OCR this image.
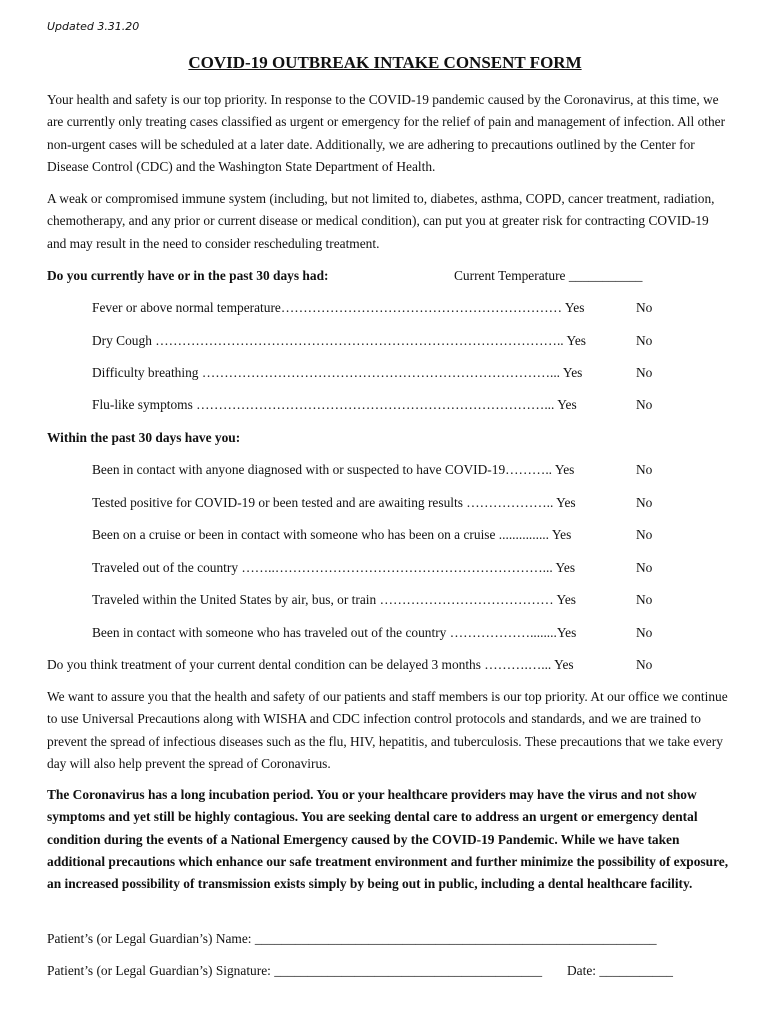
Updated 3.31.20
COVID-19 OUTBREAK INTAKE CONSENT FORM

Your health and safety is our top priority. In response to the COVID-19 pandemic caused by the Coronavirus, at this time, we are currently only treating cases classified as urgent or emergency for the relief of pain and management of infection. All other non-urgent cases will be scheduled at a later date. Additionally, we are adhering to precautions outlined by the Center for Disease Control (CDC) and the Washington State Department of Health.

A weak or compromised immune system (including, but not limited to, diabetes, asthma, COPD, cancer treatment, radiation, chemotherapy, and any prior or current disease or medical condition), can put you at greater risk for contracting COVID-19 and may result in the need to consider rescheduling treatment.

Do you currently have or in the past 30 days had:	Current Temperature ___________
Fever or above normal temperature……………………………………………………… Yes	No
Dry Cough ……………………………………………………………………………….. Yes	No
Difficulty breathing ……………………………………………………………………... Yes	No
Flu-like symptoms ……………………………………………………………………... Yes	No
Within the past 30 days have you:
Been in contact with anyone diagnosed with or suspected to have COVID-19……….. Yes	No
Tested positive for COVID-19 or been tested and are awaiting results ……………….. Yes	No
Been on a cruise or been in contact with someone who has been on a cruise ............... Yes	No
Traveled out of the country ……..……………………………………………………... Yes	No
Traveled within the United States by air, bus, or train ………………………………… Yes	No
Been in contact with someone who has traveled out of the country ………………........Yes	No
Do you think treatment of your current dental condition can be delayed 3 months ……….…... Yes	No

We want to assure you that the health and safety of our patients and staff members is our top priority. At our office we continue to use Universal Precautions along with WISHA and CDC infection control protocols and standards, and we are trained to prevent the spread of infectious diseases such as the flu, HIV, hepatitis, and tuberculosis. These precautions that we take every day will also help prevent the spread of Coronavirus.

The Coronavirus has a long incubation period. You or your healthcare providers may have the virus and not show symptoms and yet still be highly contagious. You are seeking dental care to address an urgent or emergency dental condition during the events of a National Emergency caused by the COVID-19 Pandemic. While we have taken additional precautions which enhance our safe treatment environment and further minimize the possibility of exposure, an increased possibility of transmission exists simply by being out in public, including a dental healthcare facility.

Patient’s (or Legal Guardian’s) Name: ____________________________________________________________
Patient’s (or Legal Guardian’s) Signature: ________________________________________ Date: ___________
